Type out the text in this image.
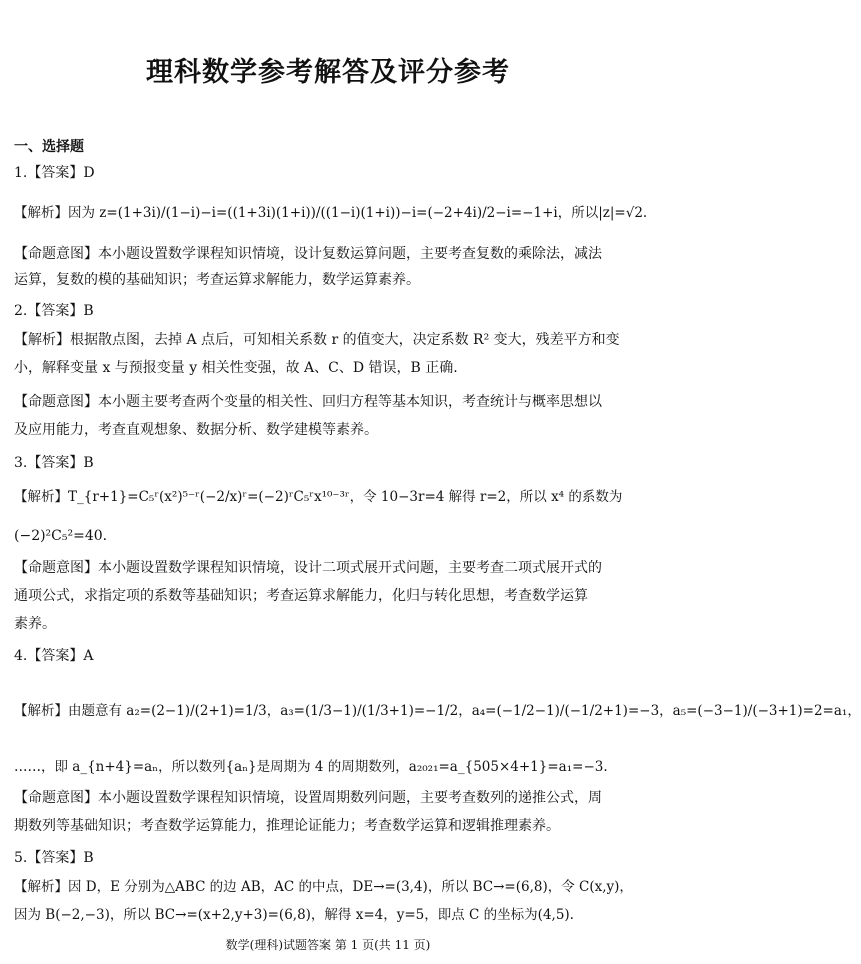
理科数学参考解答及评分参考
一、选择题
1.【答案】D
【解析】因为 z=(1+3i)/(1−i)−i=((1+3i)(1+i))/((1−i)(1+i))−i=(−2+4i)/2−i=−1+i，所以|z|=√2.
【命题意图】本小题设置数学课程知识情境，设计复数运算问题，主要考查复数的乘除法，减法
运算，复数的模的基础知识；考查运算求解能力，数学运算素养。
2.【答案】B
【解析】根据散点图，去掉 A 点后，可知相关系数 r 的值变大，决定系数 R² 变大，残差平方和变
小，解释变量 x 与预报变量 y 相关性变强，故 A、C、D 错误，B 正确.
【命题意图】本小题主要考查两个变量的相关性、回归方程等基本知识，考查统计与概率思想以
及应用能力，考查直观想象、数据分析、数学建模等素养。
3.【答案】B
【解析】T_{r+1}=C₅ʳ(x²)⁵⁻ʳ(−2/x)ʳ=(−2)ʳC₅ʳx¹⁰⁻³ʳ，令 10−3r=4 解得 r=2，所以 x⁴ 的系数为
(−2)²C₅²=40.
【命题意图】本小题设置数学课程知识情境，设计二项式展开式问题，主要考查二项式展开式的
通项公式，求指定项的系数等基础知识；考查运算求解能力，化归与转化思想，考查数学运算
素养。
4.【答案】A
【解析】由题意有 a₂=(2−1)/(2+1)=1/3，a₃=(1/3−1)/(1/3+1)=−1/2，a₄=(−1/2−1)/(−1/2+1)=−3，a₅=(−3−1)/(−3+1)=2=a₁，
……，即 a_{n+4}=aₙ，所以数列{aₙ}是周期为 4 的周期数列，a₂₀₂₁=a_{505×4+1}=a₁=−3.
【命题意图】本小题设置数学课程知识情境，设置周期数列问题，主要考查数列的递推公式，周
期数列等基础知识；考查数学运算能力，推理论证能力；考查数学运算和逻辑推理素养。
5.【答案】B
【解析】因 D，E 分别为△ABC 的边 AB，AC 的中点，DE→=(3,4)，所以 BC→=(6,8)，令 C(x,y)，
因为 B(−2,−3)，所以 BC→=(x+2,y+3)=(6,8)，解得 x=4，y=5，即点 C 的坐标为(4,5).
数学(理科)试题答案 第 1 页(共 11 页)
